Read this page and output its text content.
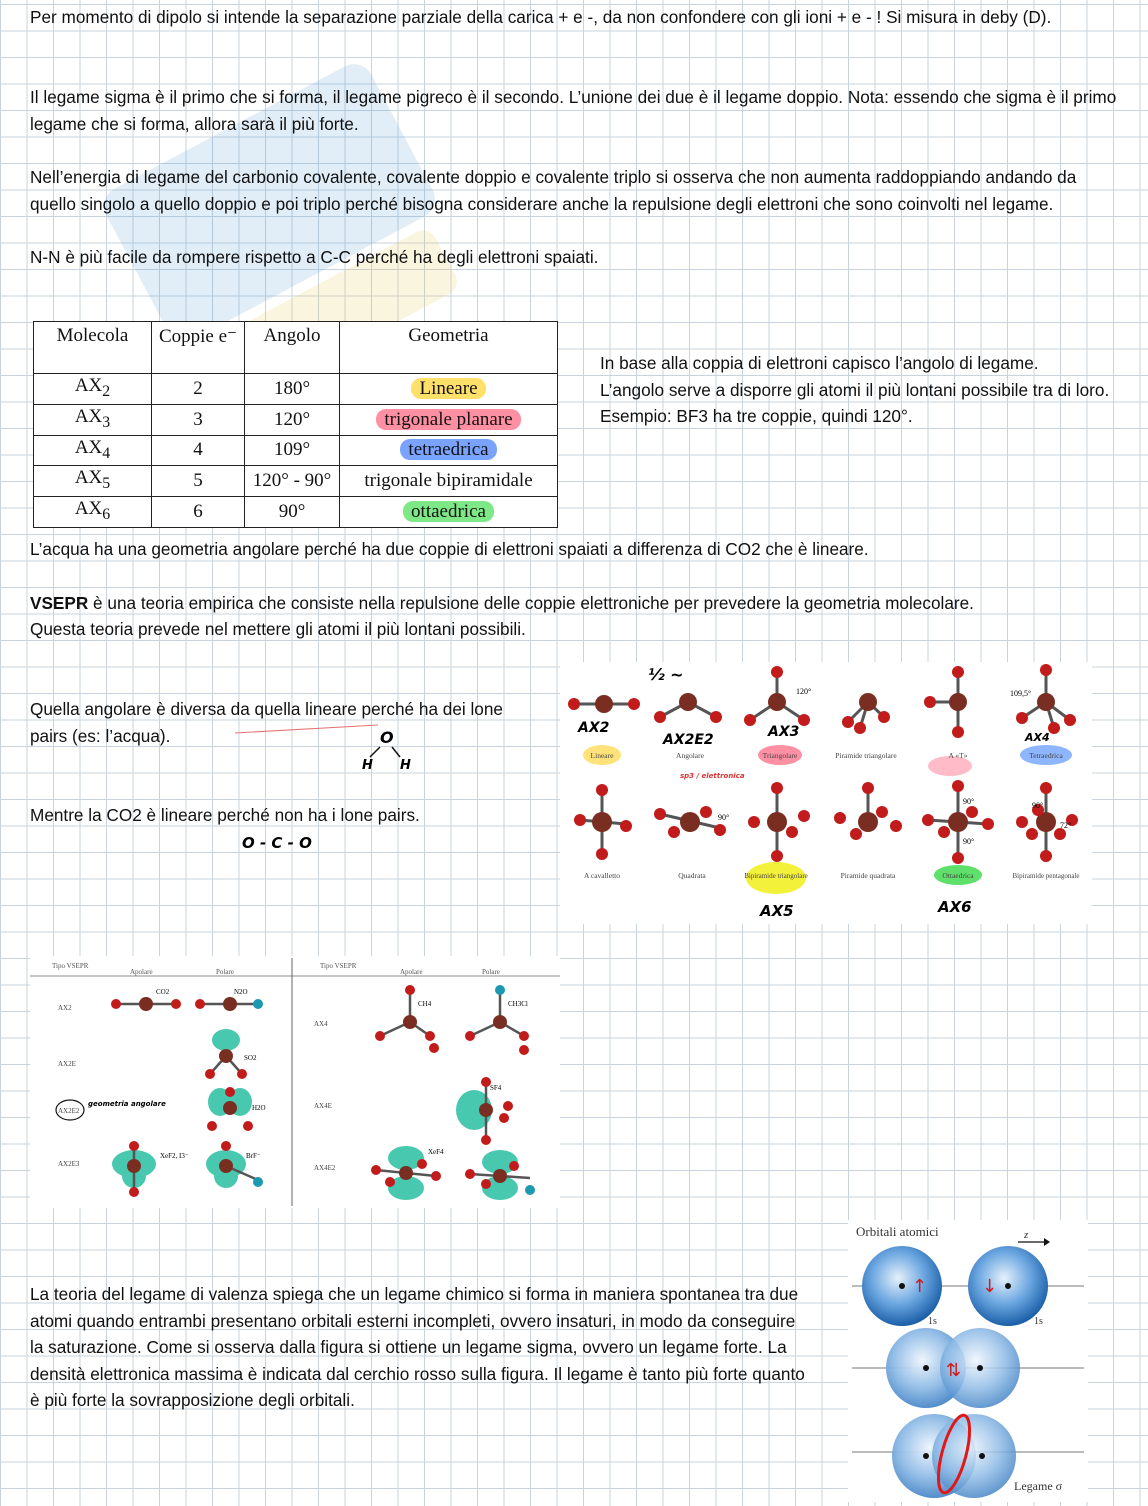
Per momento di dipolo si intende la separazione parziale della carica + e -, da non confondere con gli ioni + e - ! Si misura in deby (D).

Il legame sigma è il primo che si forma, il legame pigreco è il secondo. L’unione dei due è il legame doppio. Nota: essendo che sigma è il primo legame che si forma, allora sarà il più forte.

Nell’energia di legame del carbonio covalente, covalente doppio e covalente triplo si osserva che non aumenta raddoppiando andando da quello singolo a quello doppio e poi triplo perché bisogna considerare anche la repulsione degli elettroni che sono coinvolti nel legame.

N-N è più facile da rompere rispetto a C-C perché ha degli elettroni spaiati.

Molecola	Coppie e⁻	Angolo	Geometria
$AX_2$	2	180°	Lineare
$AX_3$	3	120°	trigonale planare
$AX_4$	4	109°	tetraedrica
$AX_5$	5	120° - 90°	trigonale bipiramidale
$AX_6$	6	90°	ottaedrica
In base alla coppia di elettroni capisco l’angolo di legame.
L’angolo serve a disporre gli atomi il più lontani possibile tra di loro.
Esempio: BF3 ha tre coppie, quindi 120°.

L’acqua ha una geometria angolare perché ha due coppie di elettroni spaiati a differenza di CO2 che è lineare.

VSEPR è una teoria empirica che consiste nella repulsione delle coppie elettroniche per prevedere la geometria molecolare.

Questa teoria prevede nel mettere gli atomi il più lontani possibili.

Quella angolare è diversa da quella lineare perché ha dei lone pairs (es: l’acqua).

Mentre la CO2 è lineare perché non ha i lone pairs.

O
H H
O - C - O
½ ~
120°	109,5°
AX2
AX2E2	AX3	AX4
Lineare	Angolare
sp3 / elettronica
Triangolare	Piramide triangolare	A «T»	Tetraedrica
90°
90°
90°
90°
72°
A cavalletto	Quadrata	Bipiramide triangolare	Piramide quadrata	Ottaedrica	Bipiramide pentagonale
AX5	AX6
Tipo VSEPR
Apolare	Polare
Tipo VSEPR
Apolare	Polare
AX2
AX2E
AX2E2
geometria angolare
AX2E3
AX4
AX4E
AX4E2
CO2	N2O
SO2
H2O
XeF2, I3⁻	BrF⁻
CH4	CH3Cl
SF4
XeF4

La teoria del legame di valenza spiega che un legame chimico si forma in maniera spontanea tra due atomi quando entrambi presentano orbitali esterni incompleti, ovvero insaturi, in modo da conseguire la saturazione. Come si osserva dalla figura si ottiene un legame sigma, ovvero un legame forte. La densità elettronica massima è indicata dal cerchio rosso sulla figura. Il legame è tanto più forte quanto è più forte la sovrapposizione degli orbitali.

Orbitali atomici	z
↑	↓
1s	1s
⇅
Legame σ
